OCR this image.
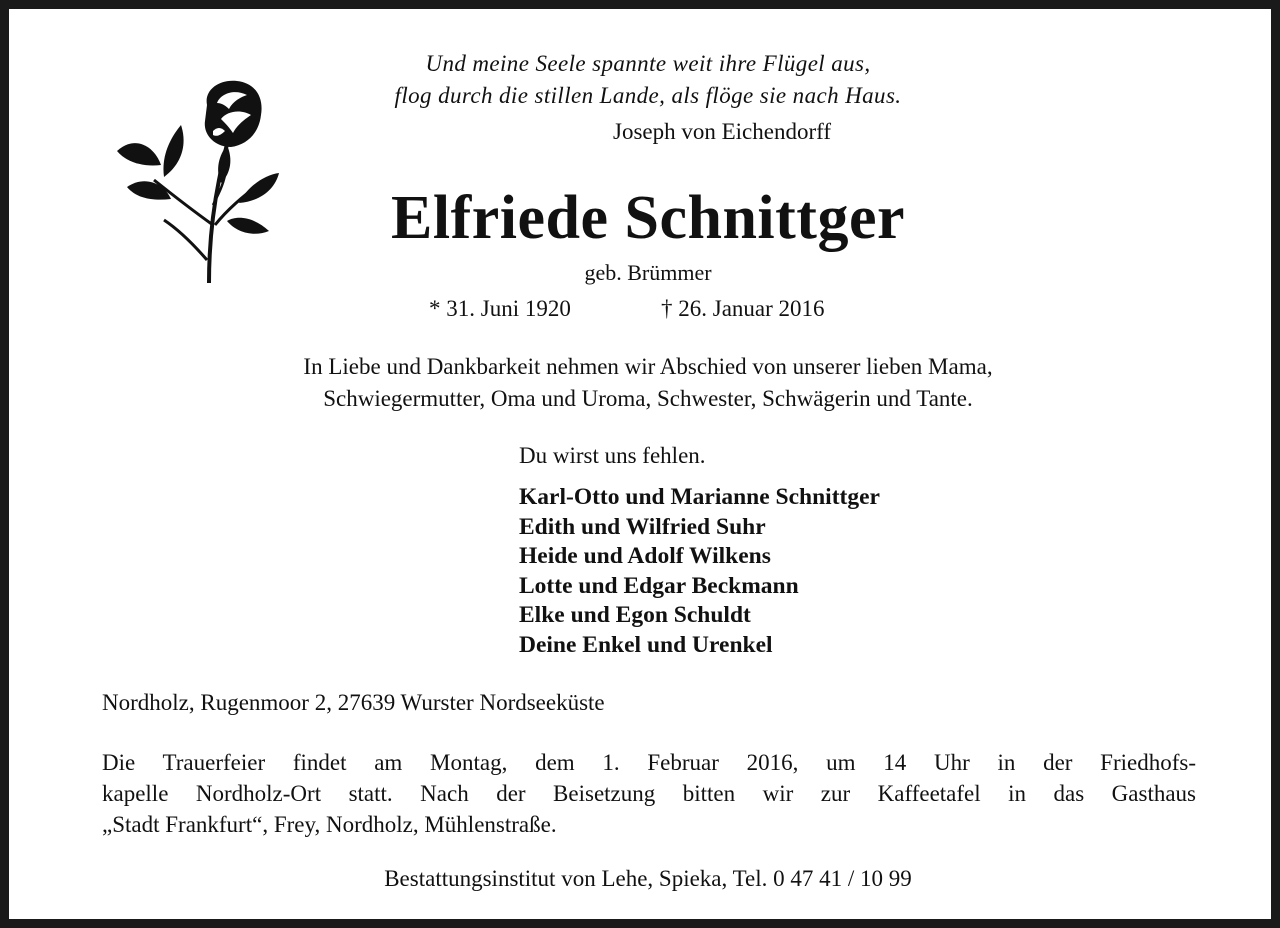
Und meine Seele spannte weit ihre Flügel aus,
flog durch die stillen Lande, als flöge sie nach Haus.
Joseph von Eichendorff
Elfriede Schnittger
geb. Brümmer
* 31. Juni 1920	† 26. Januar 2016
In Liebe und Dankbarkeit nehmen wir Abschied von unserer lieben Mama,
Schwiegermutter, Oma und Uroma, Schwester, Schwägerin und Tante.
Du wirst uns fehlen.
Karl-Otto und Marianne Schnittger
Edith und Wilfried Suhr
Heide und Adolf Wilkens
Lotte und Edgar Beckmann
Elke und Egon Schuldt
Deine Enkel und Urenkel
Nordholz, Rugenmoor 2, 27639 Wurster Nordseeküste
Die Trauerfeier findet am Montag, dem 1. Februar 2016, um 14 Uhr in der Friedhofs-
kapelle Nordholz-Ort statt. Nach der Beisetzung bitten wir zur Kaffeetafel in das Gasthaus
„Stadt Frankfurt“, Frey, Nordholz, Mühlenstraße.
Bestattungsinstitut von Lehe, Spieka, Tel. 0 47 41 / 10 99
